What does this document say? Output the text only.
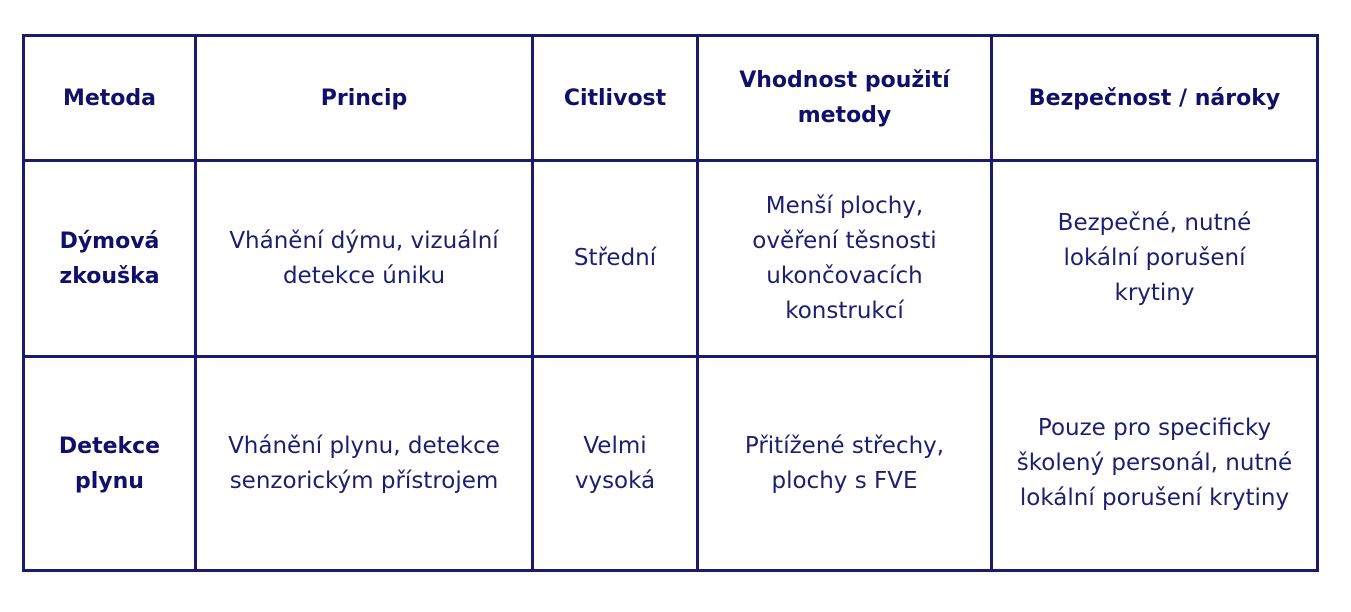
Metoda	Princip	Citlivost	Vhodnost použití metody	Bezpečnost / nároky
Dýmová zkouška	Vhánění dýmu, vizuální detekce úniku	Střední	Menší plochy, ověření těsnosti ukončovacích konstrukcí	Bezpečné, nutné lokální porušení krytiny
Detekce plynu	Vhánění plynu, detekce senzorickým přístrojem	Velmi vysoká	Přitížené střechy, plochy s FVE	Pouze pro specificky školený personál, nutné lokální porušení krytiny
